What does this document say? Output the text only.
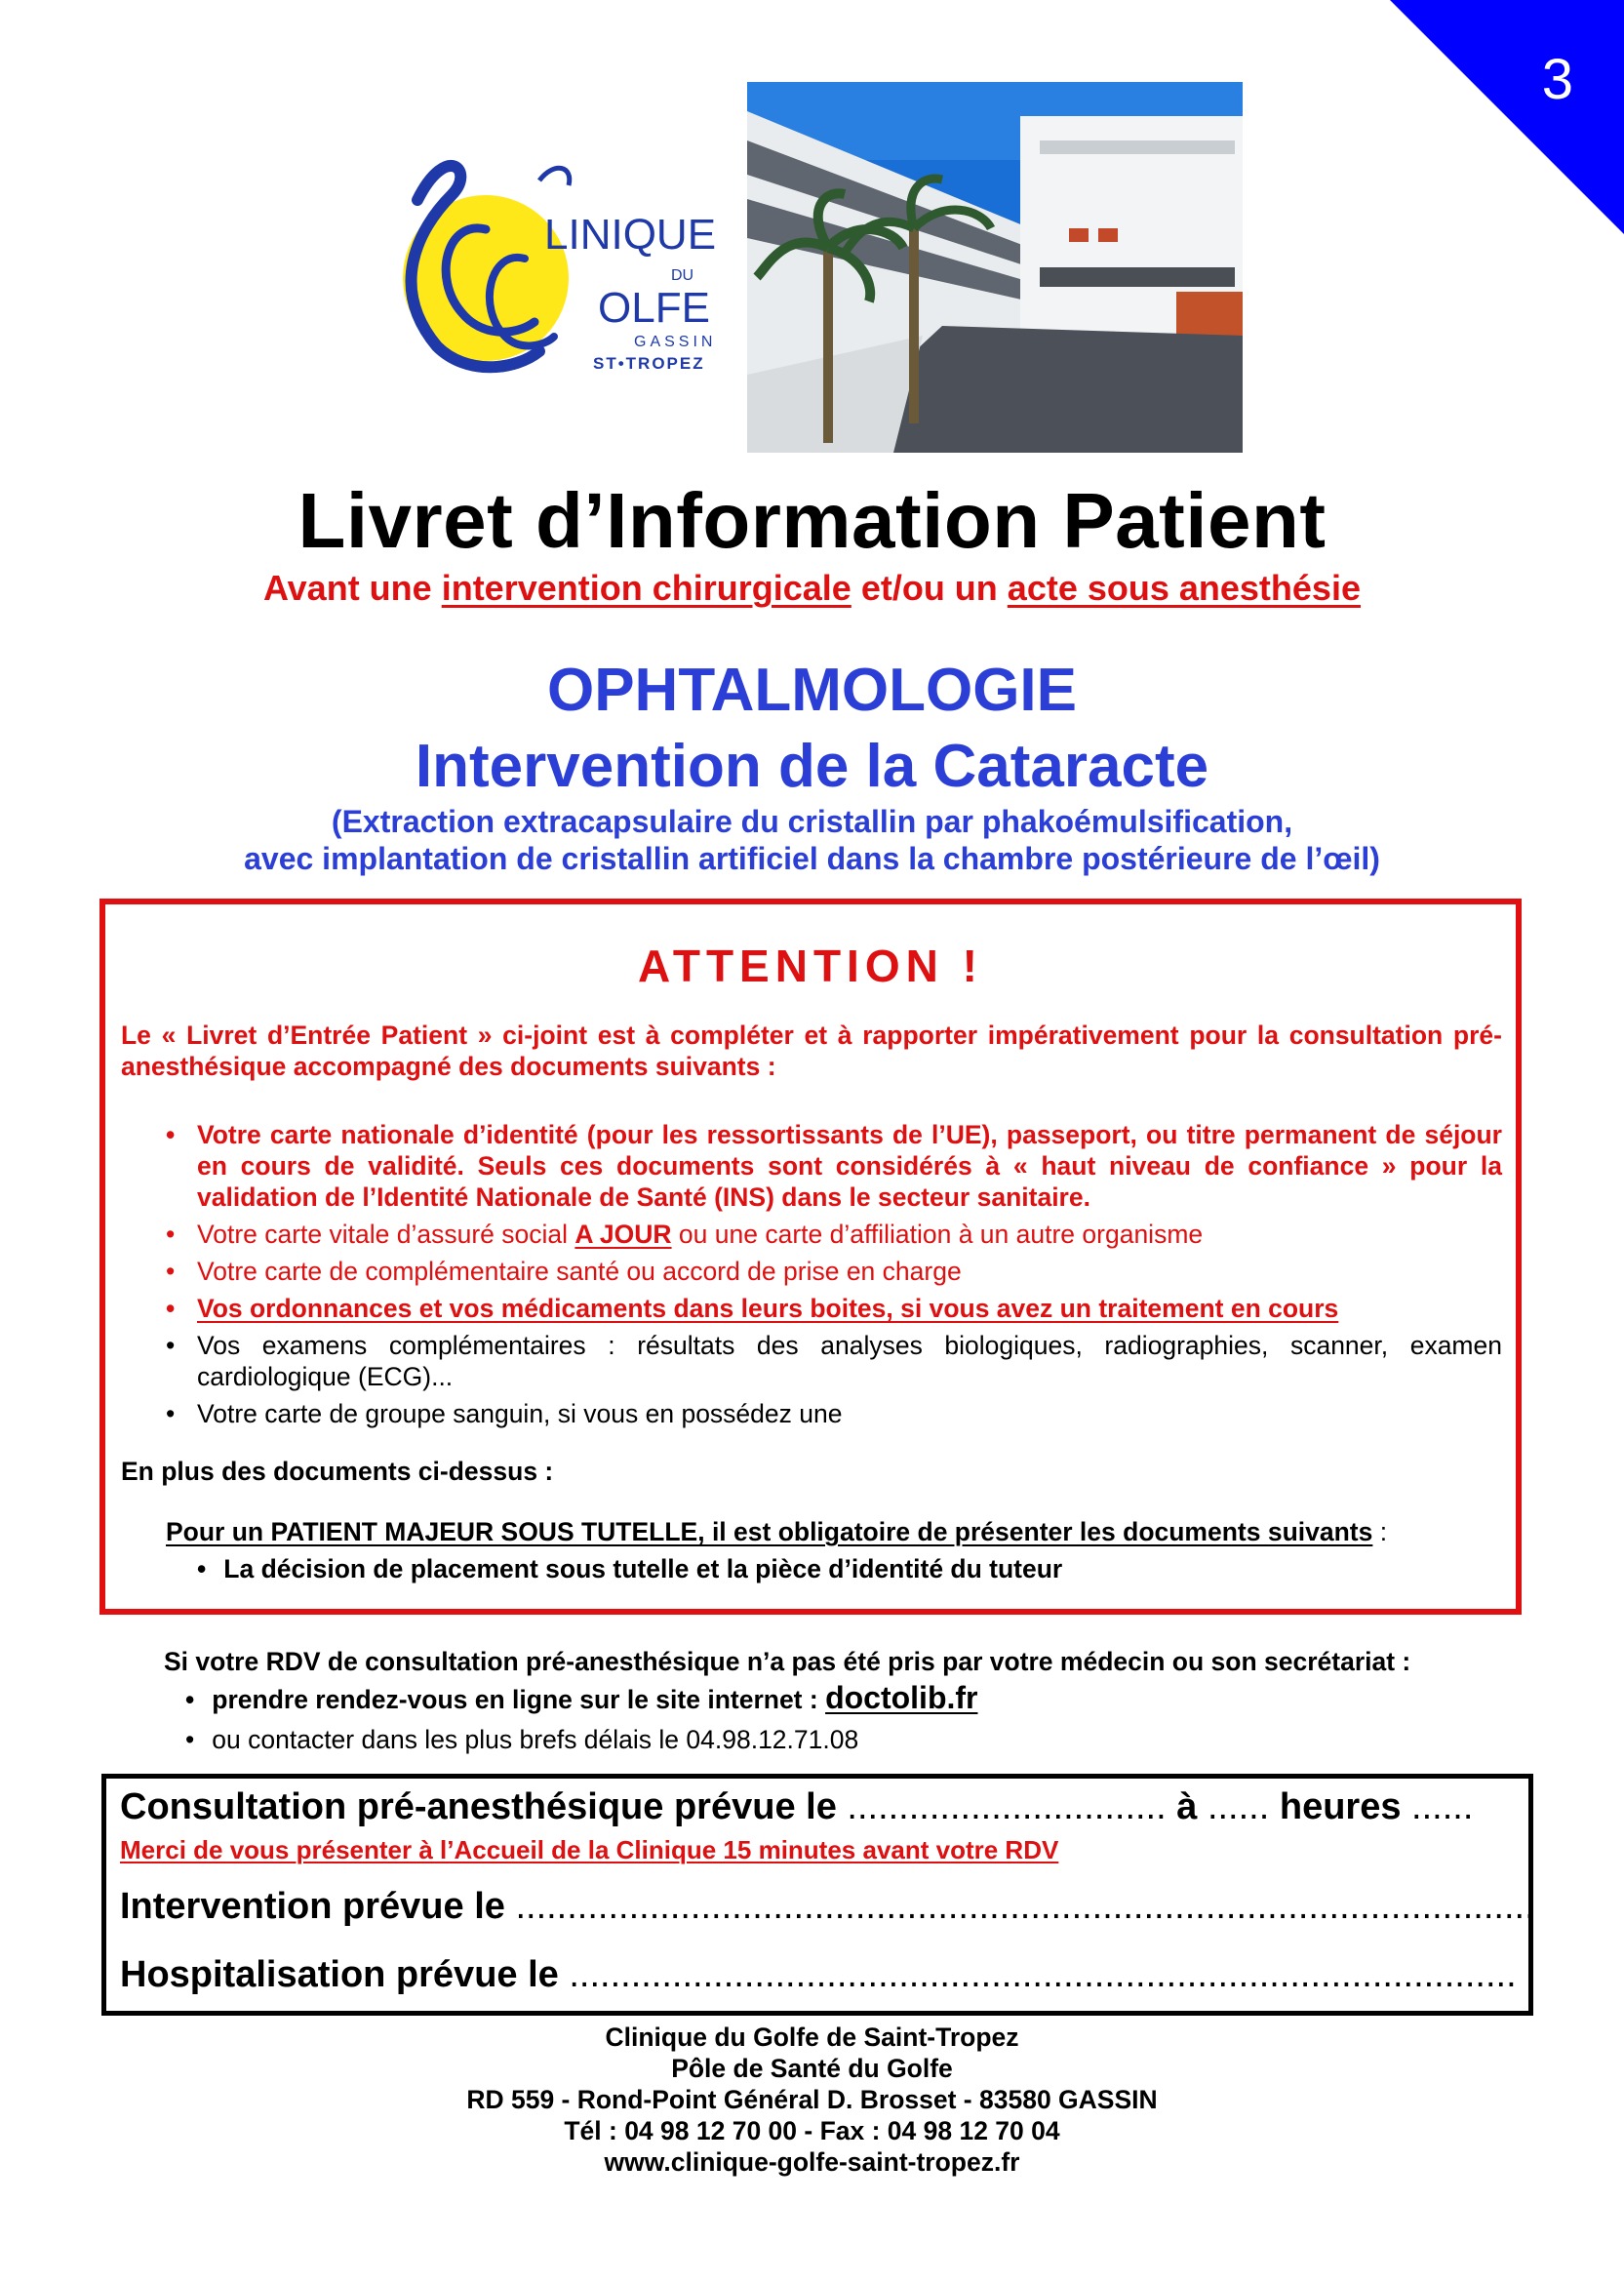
3
LINIQUE
DU
OLFE
GASSIN
ST•TROPEZ
Livret d’Information Patient
Avant une intervention chirurgicale et/ou un acte sous anesthésie
OPHTALMOLOGIE
Intervention de la Cataracte
(Extraction extracapsulaire du cristallin par phakoémulsification,
avec implantation de cristallin artificiel dans la chambre postérieure de l’œil)
ATTENTION !
Le « Livret d’Entrée Patient » ci-joint est à compléter et à rapporter impérativement pour la consultation pré-anesthésique accompagné des documents suivants :
• Votre carte nationale d’identité (pour les ressortissants de l’UE), passeport, ou titre permanent de séjour en cours de validité. Seuls ces documents sont considérés à « haut niveau de confiance » pour la validation de l’Identité Nationale de Santé (INS) dans le secteur sanitaire.
• Votre carte vitale d’assuré social A JOUR ou une carte d’affiliation à un autre organisme
• Votre carte de complémentaire santé ou accord de prise en charge
• Vos ordonnances et vos médicaments dans leurs boites, si vous avez un traitement en cours
• Vos examens complémentaires : résultats des analyses biologiques, radiographies, scanner, examen cardiologique (ECG)...
• Votre carte de groupe sanguin, si vous en possédez une
En plus des documents ci-dessus :
Pour un PATIENT MAJEUR SOUS TUTELLE, il est obligatoire de présenter les documents suivants :
• La décision de placement sous tutelle et la pièce d’identité du tuteur
Si votre RDV de consultation pré-anesthésique n’a pas été pris par votre médecin ou son secrétariat :
• prendre rendez-vous en ligne sur le site internet : doctolib.fr
• ou contacter dans les plus brefs délais le 04.98.12.71.08
Consultation pré-anesthésique prévue le ............................... à ...... heures ......
Merci de vous présenter à l’Accueil de la Clinique 15 minutes avant votre RDV
Intervention prévue le ...................................................................................................
Hospitalisation prévue le ............................................................................................
Clinique du Golfe de Saint-Tropez
Pôle de Santé du Golfe
RD 559 - Rond-Point Général D. Brosset - 83580 GASSIN
Tél : 04 98 12 70 00 - Fax : 04 98 12 70 04
www.clinique-golfe-saint-tropez.fr
